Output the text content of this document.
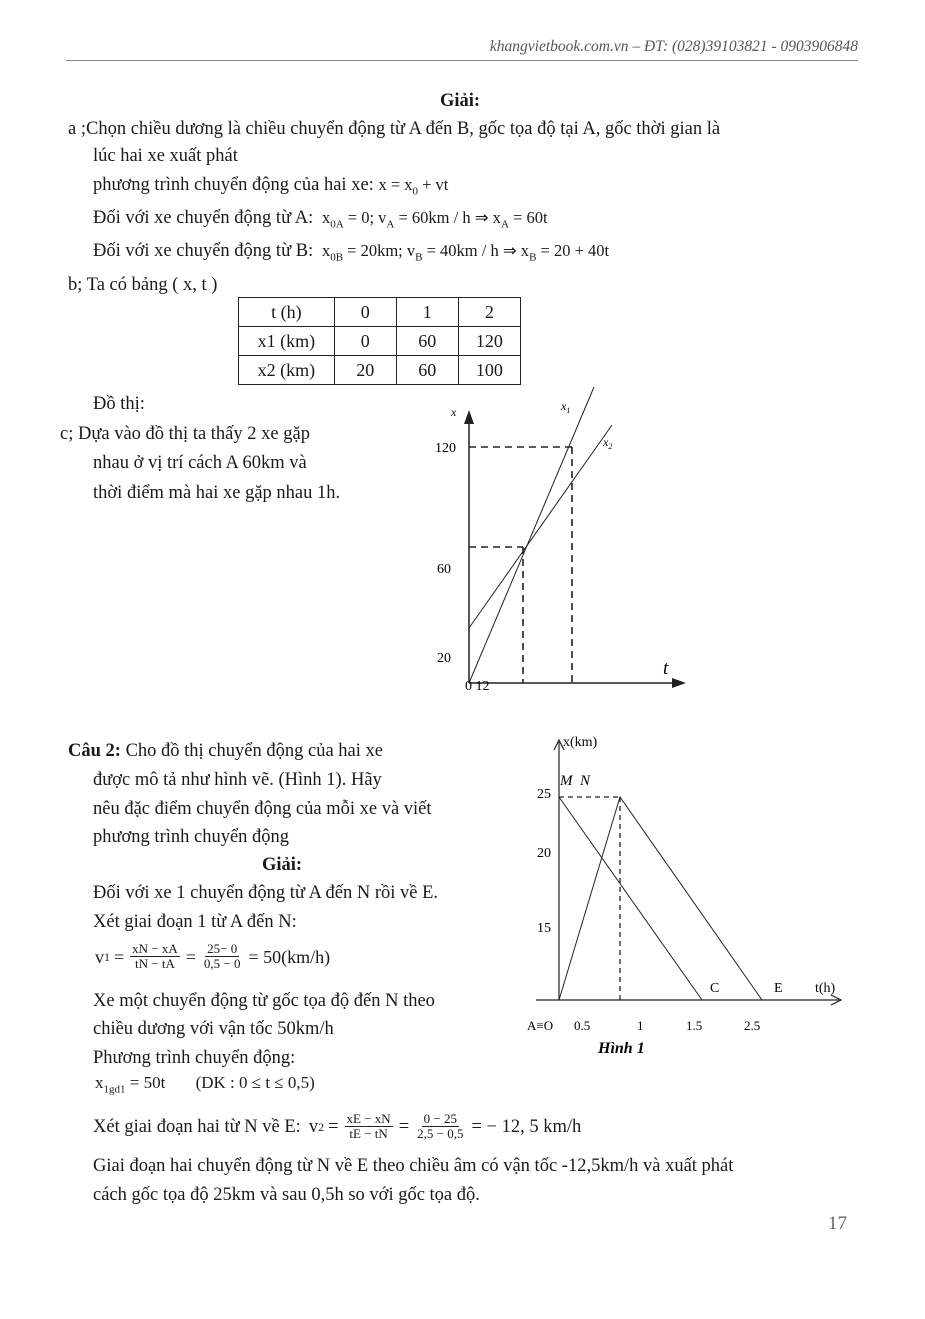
khangvietbook.com.vn – ĐT: (028)39103821 - 0903906848
Giải:
a ;Chọn chiều dương là chiều chuyển động từ A đến B, gốc tọa độ tại A, gốc thời gian là
lúc hai xe xuất phát
phương trình chuyển động của hai xe: $x = x_0$ + vt
Đối với xe chuyển động từ A:  $x_{0A} = 0$; $v_A = 60km / h$ ⇒ $x_A = 60t$
Đối với xe chuyển động từ B:  $x_{0B} = 20km$; $v_B = 40km / h$ ⇒ $x_B = 20 + 40t$
b; Ta có bảng ( x, t )
t (h)	0	1	2
x1 (km)	0	60	120
x2 (km)	20	60	100
Đồ thị:
c; Dựa vào đồ thị ta thấy 2 xe gặp
nhau ở vị trí cách A 60km và
thời điểm mà hai xe gặp nhau 1h.
x
120
60
20
0 12
t
$x_1$
$x_2$
Câu 2: Cho đồ thị chuyển động của hai xe
được mô tả như hình vẽ. (Hình 1). Hãy
nêu đặc điểm chuyển động của mỗi xe và viết
phương trình chuyển động
Giải:
Đối với xe 1 chuyển động từ A đến N rồi về E.
Xét giai đoạn 1 từ A đến N:
v $1 = \frac{xN - xA}{tN - tA} = \frac{25- 0}{0,5 - 0} = 50(km/h)$
Xe một chuyển động từ gốc tọa độ đến N theo
chiều dương với vận tốc 50km/h
Phương trình chuyển động:
$x_{1gd1} = 50t$ (DK : 0 ≤ t ≤ 0,5)
Xét giai đoạn hai từ N về E: v $2 = \frac{xE - xN}{tE - tN} = \frac{0 - 25}{2,5 - 0,5}$ = − 12, 5 km/h
Giai đoạn hai chuyển động từ N về E theo chiều âm có vận tốc -12,5km/h và xuất phát
cách gốc tọa độ 25km và sau 0,5h so với gốc tọa độ.
x(km)
M N
25
20
15
C	E t(h)
A≡O 0.5	1	1.5	2.5
Hình 1
17
